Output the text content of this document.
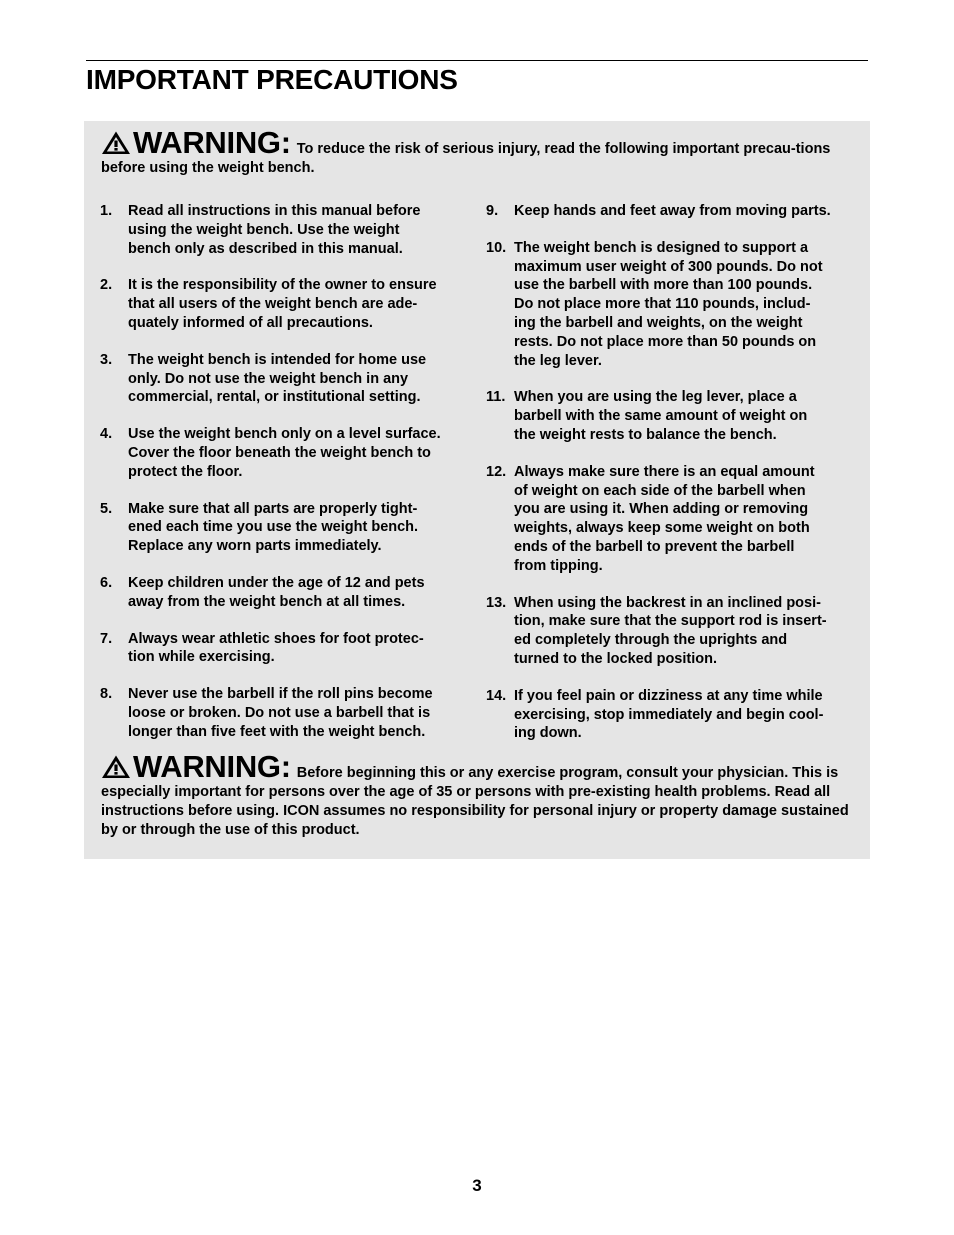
IMPORTANT PRECAUTIONS
WARNING: To reduce the risk of serious injury, read the following important precau-tions before using the weight bench.
1. Read all instructions in this manual before
using the weight bench. Use the weight
bench only as described in this manual.
2. It is the responsibility of the owner to ensure
that all users of the weight bench are ade-
quately informed of all precautions.
3. The weight bench is intended for home use
only. Do not use the weight bench in any
commercial, rental, or institutional setting.
4. Use the weight bench only on a level surface.
Cover the floor beneath the weight bench to
protect the floor.
5. Make sure that all parts are properly tight-
ened each time you use the weight bench.
Replace any worn parts immediately.
6. Keep children under the age of 12 and pets
away from the weight bench at all times.
7. Always wear athletic shoes for foot protec-
tion while exercising.
8. Never use the barbell if the roll pins become
loose or broken. Do not use a barbell that is
longer than five feet with the weight bench.
9. Keep hands and feet away from moving parts.
10. The weight bench is designed to support a
maximum user weight of 300 pounds. Do not
use the barbell with more than 100 pounds.
Do not place more that 110 pounds, includ-
ing the barbell and weights, on the weight
rests. Do not place more than 50 pounds on
the leg lever.
11. When you are using the leg lever, place a
barbell with the same amount of weight on
the weight rests to balance the bench.
12. Always make sure there is an equal amount
of weight on each side of the barbell when
you are using it. When adding or removing
weights, always keep some weight on both
ends of the barbell to prevent the barbell
from tipping.
13. When using the backrest in an inclined posi-
tion, make sure that the support rod is insert-
ed completely through the uprights and
turned to the locked position.
14. If you feel pain or dizziness at any time while
exercising, stop immediately and begin cool-
ing down.
WARNING: Before beginning this or any exercise program, consult your physician. This is especially important for persons over the age of 35 or persons with pre-existing health problems. Read all instructions before using. ICON assumes no responsibility for personal injury or property damage sustained by or through the use of this product.
3
